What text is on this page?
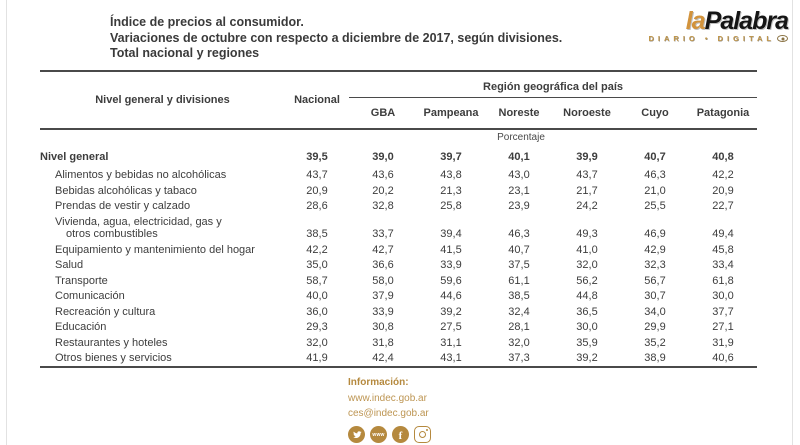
Índice de precios al consumidor.
Variaciones de octubre con respecto a diciembre de 2017, según divisiones.
Total nacional y regiones
laPalabra
DIARIO • DIGITAL
Nivel general y divisiones	Nacional	Región geográfica del país					
		GBA	Pampeana	Noreste	Noroeste	Cuyo	Patagonia
	Porcentaje						
Nivel general	39,5	39,0	39,7	40,1	39,9	40,7	40,8
Alimentos y bebidas no alcohólicas	43,7	43,6	43,8	43,0	43,7	46,3	42,2
Bebidas alcohólicas y tabaco	20,9	20,2	21,3	23,1	21,7	21,0	20,9
Prendas de vestir y calzado	28,6	32,8	25,8	23,9	24,2	25,5	22,7

Vivienda, agua, electricidad, gas y
otros combustibles	38,5	33,7	39,4	46,3	49,3	46,9	49,4
Equipamiento y mantenimiento del hogar	42,2	42,7	41,5	40,7	41,0	42,9	45,8
Salud	35,0	36,6	33,9	37,5	32,0	32,3	33,4
Transporte	58,7	58,0	59,6	61,1	56,2	56,7	61,8
Comunicación	40,0	37,9	44,6	38,5	44,8	30,7	30,0
Recreación y cultura	36,0	33,9	39,2	32,4	36,5	34,0	37,7
Educación	29,3	30,8	27,5	28,1	30,0	29,9	27,1
Restaurantes y hoteles	32,0	31,8	31,1	32,0	35,9	35,2	31,9
Otros bienes y servicios	41,9	42,4	43,1	37,3	39,2	38,9	40,6
Información:
www.indec.gob.ar
ces@indec.gob.ar
www f
